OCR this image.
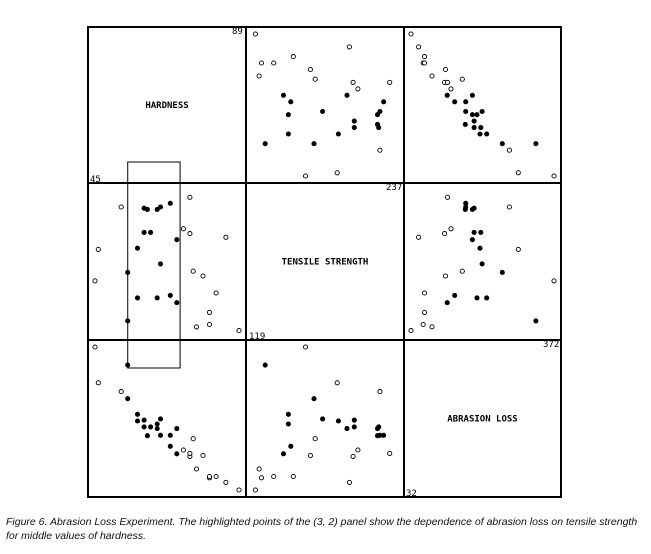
HARDNESS
TENSILE STRENGTH
ABRASION LOSS
89
45
237
119
372
32
Figure 6. Abrasion Loss Experiment. The highlighted points of the (3, 2) panel show the dependence of abrasion loss on tensile strength for middle values of hardness.
